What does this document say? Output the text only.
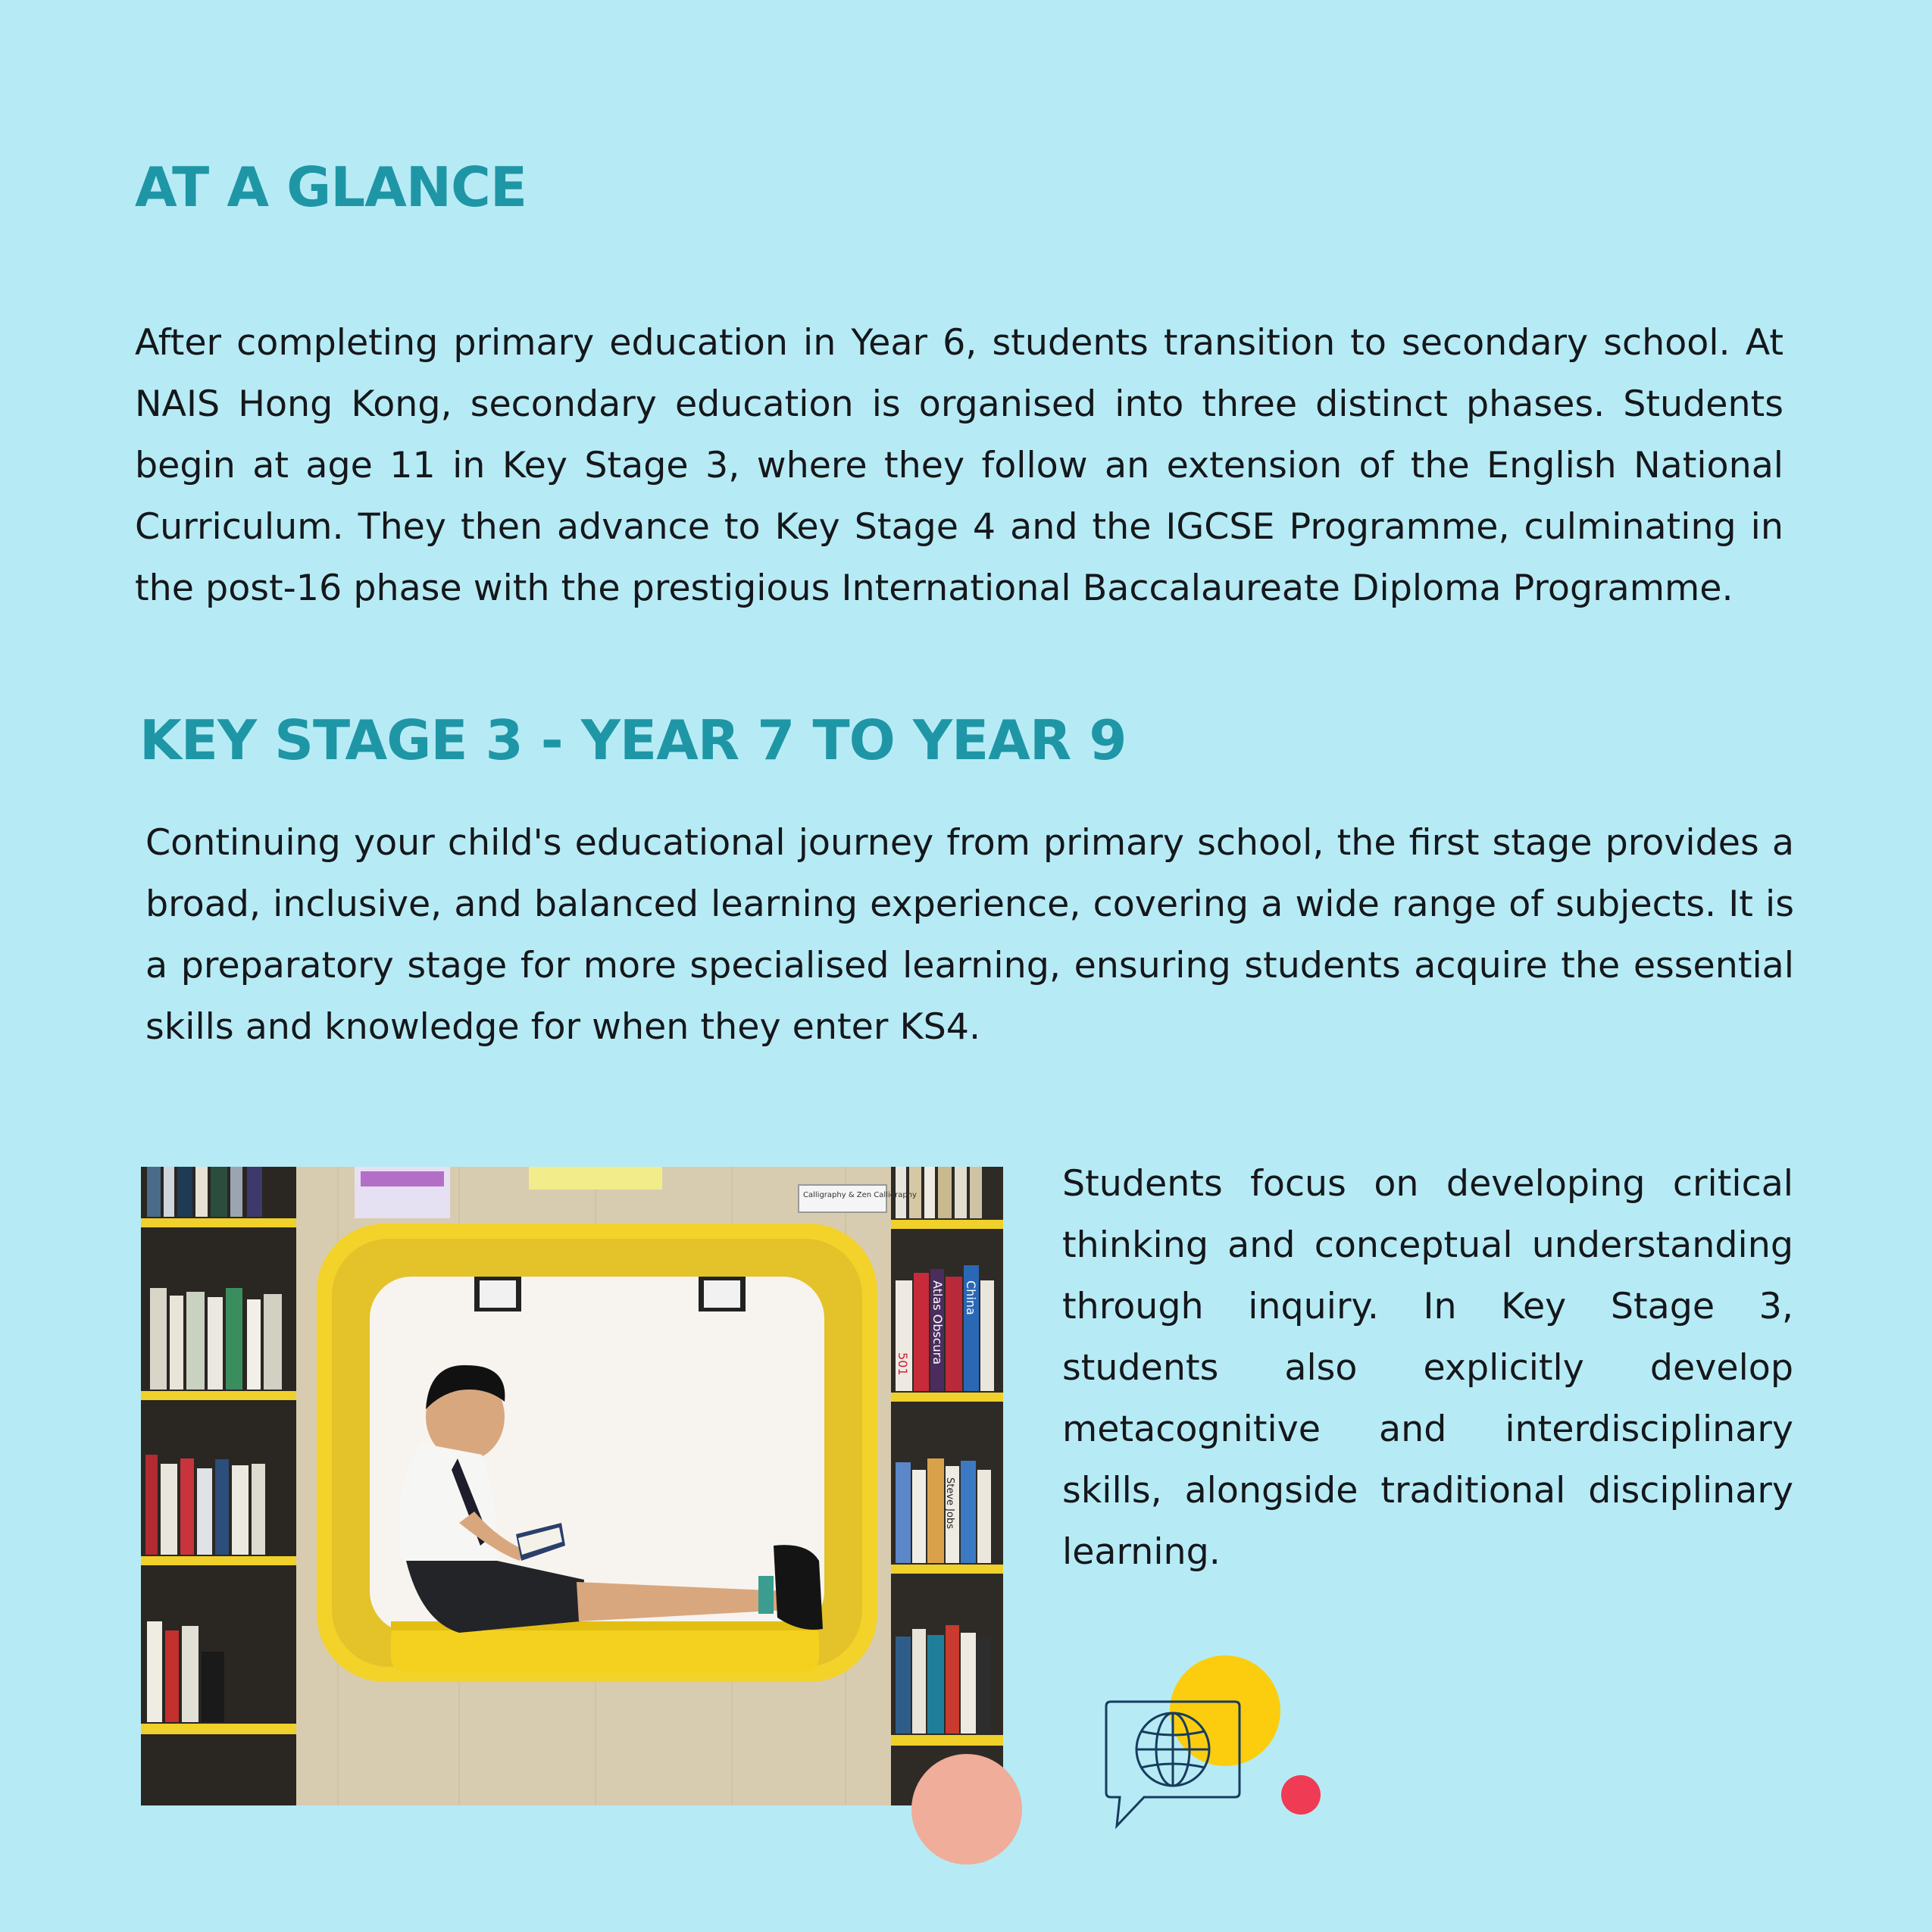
AT A GLANCE

After completing primary education in Year 6, students transition to secondary school. At NAIS Hong Kong, secondary education is organised into three distinct phases. Students begin at age 11 in Key Stage 3, where they follow an extension of the English National Curriculum. They then advance to Key Stage 4 and the IGCSE Programme, culminating in the post-16 phase with the prestigious International Baccalaureate Diploma Programme.

KEY STAGE 3 - YEAR 7 TO YEAR 9

Continuing your child's educational journey from primary school, the first stage provides a broad, inclusive, and balanced learning experience, covering a wide range of subjects. It is a preparatory stage for more specialised learning, ensuring students acquire the essential skills and knowledge for when they enter KS4.

Calligraphy & Zen Calligraphy
501 Atlas Obscura China
Steve Jobs

Students focus on developing critical thinking and conceptual understanding through inquiry. In Key Stage 3, students also explicitly develop metacognitive and interdisciplinary skills, alongside traditional disciplinary learning.
